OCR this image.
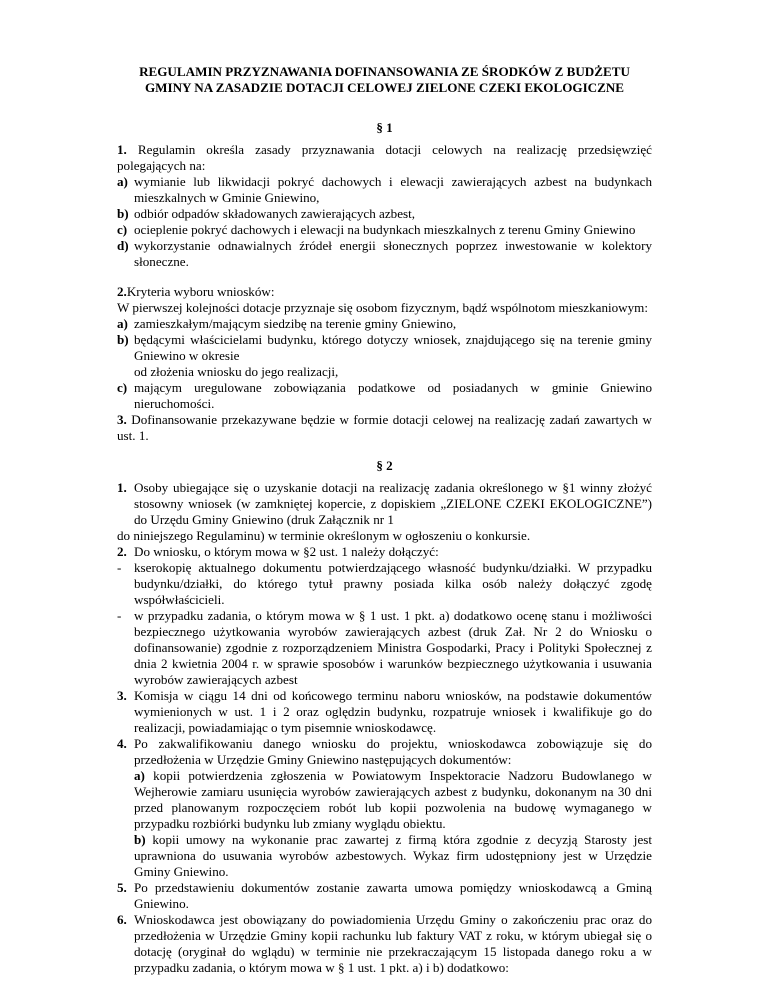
REGULAMIN PRZYZNAWANIA DOFINANSOWANIA ZE ŚRODKÓW Z BUDŻETU
GMINY NA ZASADZIE DOTACJI CELOWEJ ZIELONE CZEKI EKOLOGICZNE
§ 1

1. Regulamin określa zasady przyznawania dotacji celowych na realizację przedsięwzięć polegających na:

a) wymianie lub likwidacji pokryć dachowych i elewacji zawierających azbest na budynkach mieszkalnych w Gminie Gniewino,
b) odbiór odpadów składowanych zawierających azbest,
c) ocieplenie pokryć dachowych i elewacji na budynkach mieszkalnych z terenu Gminy Gniewino
d) wykorzystanie odnawialnych źródeł energii słonecznych poprzez inwestowanie w kolektory słoneczne.

2.Kryteria wyboru wniosków:

W pierwszej kolejności dotacje przyznaje się osobom fizycznym, bądź wspólnotom mieszkaniowym:

a) zamieszkałym/mającym siedzibę na terenie gminy Gniewino,
b) będącymi właścicielami budynku, którego dotyczy wniosek, znajdującego się na terenie gminy Gniewino w okresie
od złożenia wniosku do jego realizacji,
c) mającym uregulowane zobowiązania podatkowe od posiadanych w gminie Gniewino nieruchomości.

3. Dofinansowanie przekazywane będzie w formie dotacji celowej na realizację zadań zawartych w ust. 1.

§ 2
1. Osoby ubiegające się o uzyskanie dotacji na realizację zadania określonego w §1 winny złożyć stosowny wniosek (w zamkniętej kopercie, z dopiskiem „ZIELONE CZEKI EKOLOGICZNE”) do Urzędu Gminy Gniewino (druk Załącznik nr 1

do niniejszego Regulaminu) w terminie określonym w ogłoszeniu o konkursie.

2. Do wniosku, o którym mowa w §2 ust. 1 należy dołączyć:
- kserokopię aktualnego dokumentu potwierdzającego własność budynku/działki. W przypadku budynku/działki, do którego tytuł prawny posiada kilka osób należy dołączyć zgodę współwłaścicieli.
- w przypadku zadania, o którym mowa w § 1 ust. 1 pkt. a) dodatkowo ocenę stanu i możliwości bezpiecznego użytkowania wyrobów zawierających azbest (druk Zał. Nr 2 do Wniosku o dofinansowanie) zgodnie z rozporządzeniem Ministra Gospodarki, Pracy i Polityki Społecznej z dnia 2 kwietnia 2004 r. w sprawie sposobów i warunków bezpiecznego użytkowania i usuwania wyrobów zawierających azbest
3. Komisja w ciągu 14 dni od końcowego terminu naboru wniosków, na podstawie dokumentów wymienionych w ust. 1 i 2 oraz oględzin budynku, rozpatruje wniosek i kwalifikuje go do realizacji, powiadamiając o tym pisemnie wnioskodawcę.
4. Po zakwalifikowaniu danego wniosku do projektu, wnioskodawca zobowiązuje się do przedłożenia w Urzędzie Gminy Gniewino następujących dokumentów:
a) kopii potwierdzenia zgłoszenia w Powiatowym Inspektoracie Nadzoru Budowlanego w Wejherowie zamiaru usunięcia wyrobów zawierających azbest z budynku, dokonanym na 30 dni przed planowanym rozpoczęciem robót lub kopii pozwolenia na budowę wymaganego w przypadku rozbiórki budynku lub zmiany wyglądu obiektu.
b) kopii umowy na wykonanie prac zawartej z firmą która zgodnie z decyzją Starosty jest uprawniona do usuwania wyrobów azbestowych. Wykaz firm udostępniony jest w Urzędzie Gminy Gniewino.
5. Po przedstawieniu dokumentów zostanie zawarta umowa pomiędzy wnioskodawcą a Gminą Gniewino.
6. Wnioskodawca jest obowiązany do powiadomienia Urzędu Gminy o zakończeniu prac oraz do przedłożenia w Urzędzie Gminy kopii rachunku lub faktury VAT z roku, w którym ubiegał się o dotację (oryginał do wglądu) w terminie nie przekraczającym 15 listopada danego roku a w przypadku zadania, o którym mowa w § 1 ust. 1 pkt. a) i b) dodatkowo:
